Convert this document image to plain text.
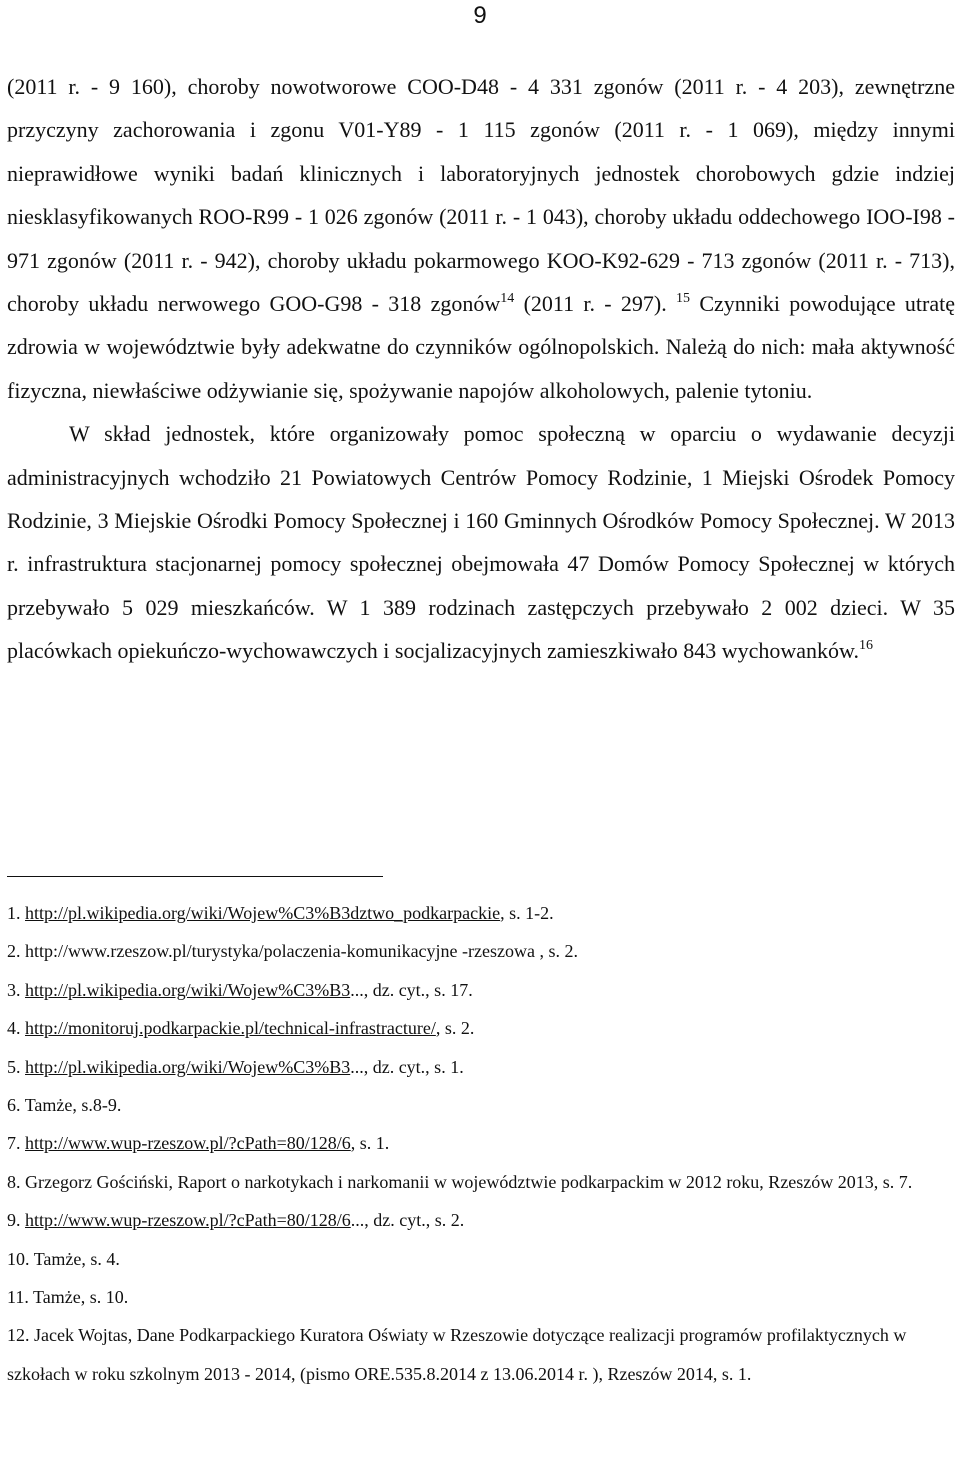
9

(2011 r. - 9 160), choroby nowotworowe COO-D48 - 4 331 zgonów (2011 r. - 4 203), zewnętrzne przyczyny zachorowania i zgonu V01-Y89 - 1 115 zgonów (2011 r. - 1 069), między innymi nieprawidłowe wyniki badań klinicznych i laboratoryjnych jednostek chorobowych gdzie indziej niesklasyfikowanych ROO-R99 - 1 026 zgonów (2011 r. - 1 043), choroby układu oddechowego IOO-I98 - 971 zgonów (2011 r. - 942), choroby układu pokarmowego KOO-K92-629 - 713 zgonów (2011 r. - 713), choroby układu nerwowego GOO-G98 - 318 zgonów$^{14}$ (2011 r. - 297). $^{15}$ Czynniki powodujące utratę zdrowia w województwie były adekwatne do czynników ogólnopolskich. Należą do nich: mała aktywność fizyczna, niewłaściwe odżywianie się, spożywanie napojów alkoholowych, palenie tytoniu.

W skład jednostek, które organizowały pomoc społeczną w oparciu o wydawanie decyzji administracyjnych wchodziło 21 Powiatowych Centrów Pomocy Rodzinie, 1 Miejski Ośrodek Pomocy Rodzinie, 3 Miejskie Ośrodki Pomocy Społecznej i 160 Gminnych Ośrodków Pomocy Społecznej. W 2013 r. infrastruktura stacjonarnej pomocy społecznej obejmowała 47 Domów Pomocy Społecznej w których przebywało 5 029 mieszkańców. W 1 389 rodzinach zastępczych przebywało 2 002 dzieci. W 35 placówkach opiekuńczo-wychowawczych i socjalizacyjnych zamieszkiwało 843 wychowanków.$^{16}$

1. http://pl.wikipedia.org/wiki/Wojew%C3%B3dztwo_podkarpackie, s. 1-2.
2. http://www.rzeszow.pl/turystyka/polaczenia-komunikacyjne -rzeszowa , s. 2.
3. http://pl.wikipedia.org/wiki/Wojew%C3%B3..., dz. cyt., s. 17.
4. http://monitoruj.podkarpackie.pl/technical-infrastracture/, s. 2.
5. http://pl.wikipedia.org/wiki/Wojew%C3%B3..., dz. cyt., s. 1.
6. Tamże, s.8-9.
7. http://www.wup-rzeszow.pl/?cPath=80/128/6, s. 1.
8. Grzegorz Gościński, Raport o narkotykach i narkomanii w województwie podkarpackim w 2012 roku, Rzeszów 2013, s. 7.
9. http://www.wup-rzeszow.pl/?cPath=80/128/6..., dz. cyt., s. 2.
10. Tamże, s. 4.
11. Tamże, s. 10.
12. Jacek Wojtas, Dane Podkarpackiego Kuratora Oświaty w Rzeszowie dotyczące realizacji programów profilaktycznych w szkołach w roku szkolnym 2013 - 2014, (pismo ORE.535.8.2014 z 13.06.2014 r. ), Rzeszów 2014, s. 1.
